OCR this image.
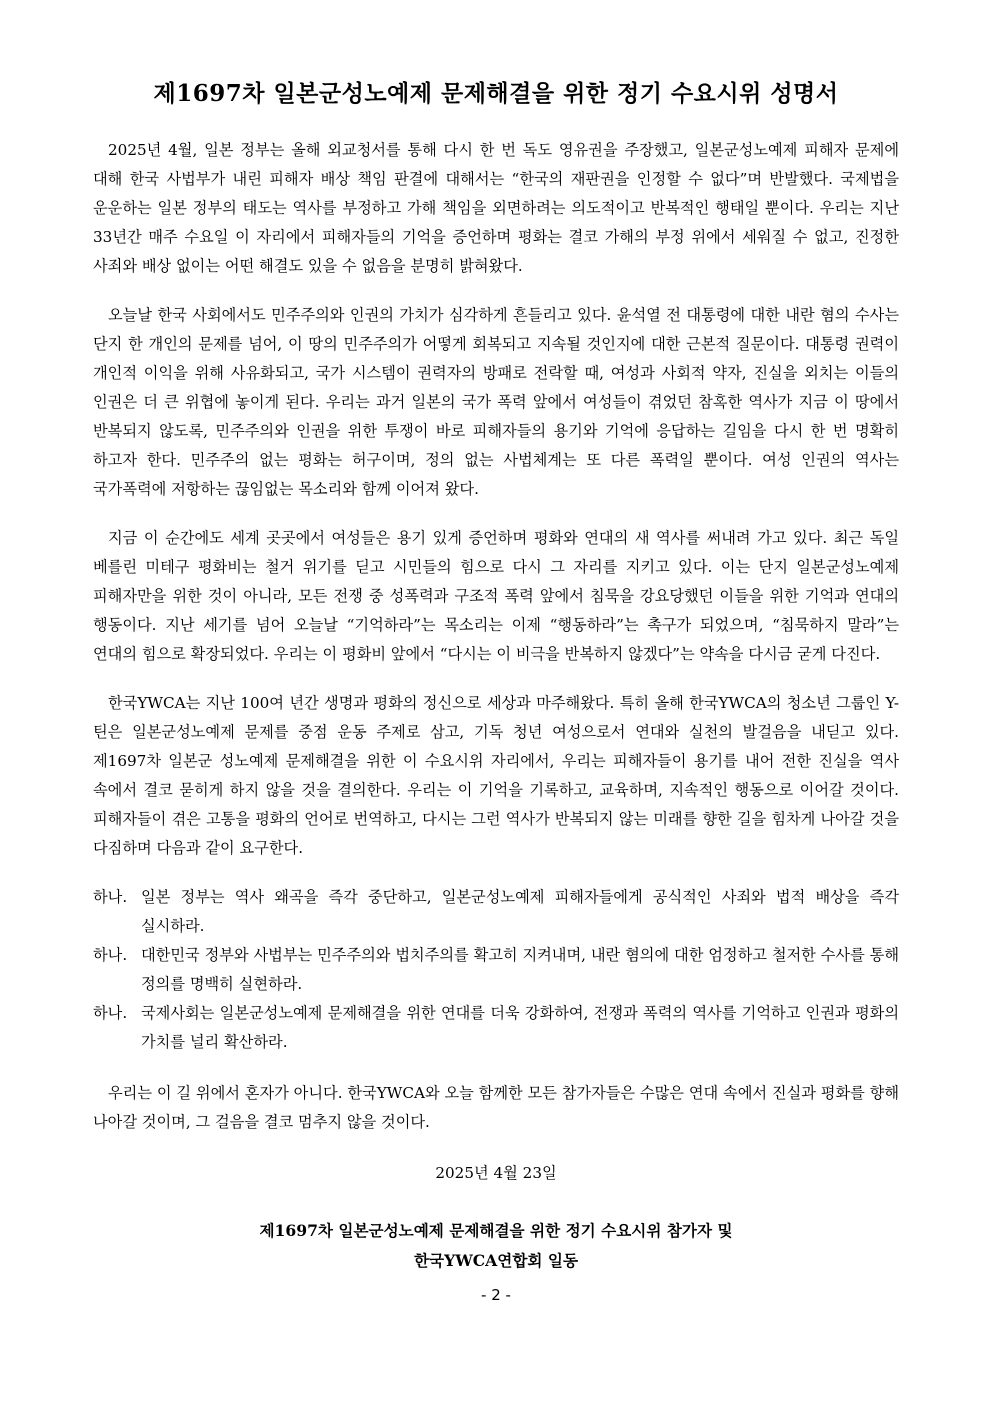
제1697차 일본군성노예제 문제해결을 위한 정기 수요시위 성명서

2025년 4월, 일본 정부는 올해 외교청서를 통해 다시 한 번 독도 영유권을 주장했고, 일본군성노예제 피해자 문제에 대해 한국 사법부가 내린 피해자 배상 책임 판결에 대해서는 “한국의 재판권을 인정할 수 없다”며 반발했다. 국제법을 운운하는 일본 정부의 태도는 역사를 부정하고 가해 책임을 외면하려는 의도적이고 반복적인 행태일 뿐이다. 우리는 지난 33년간 매주 수요일 이 자리에서 피해자들의 기억을 증언하며 평화는 결코 가해의 부정 위에서 세워질 수 없고, 진정한 사죄와 배상 없이는 어떤 해결도 있을 수 없음을 분명히 밝혀왔다.

오늘날 한국 사회에서도 민주주의와 인권의 가치가 심각하게 흔들리고 있다. 윤석열 전 대통령에 대한 내란 혐의 수사는 단지 한 개인의 문제를 넘어, 이 땅의 민주주의가 어떻게 회복되고 지속될 것인지에 대한 근본적 질문이다. 대통령 권력이 개인적 이익을 위해 사유화되고, 국가 시스템이 권력자의 방패로 전락할 때, 여성과 사회적 약자, 진실을 외치는 이들의 인권은 더 큰 위협에 놓이게 된다. 우리는 과거 일본의 국가 폭력 앞에서 여성들이 겪었던 참혹한 역사가 지금 이 땅에서 반복되지 않도록, 민주주의와 인권을 위한 투쟁이 바로 피해자들의 용기와 기억에 응답하는 길임을 다시 한 번 명확히 하고자 한다. 민주주의 없는 평화는 허구이며, 정의 없는 사법체계는 또 다른 폭력일 뿐이다. 여성 인권의 역사는 국가폭력에 저항하는 끊임없는 목소리와 함께 이어져 왔다.

지금 이 순간에도 세계 곳곳에서 여성들은 용기 있게 증언하며 평화와 연대의 새 역사를 써내려 가고 있다. 최근 독일 베를린 미테구 평화비는 철거 위기를 딛고 시민들의 힘으로 다시 그 자리를 지키고 있다. 이는 단지 일본군성노예제 피해자만을 위한 것이 아니라, 모든 전쟁 중 성폭력과 구조적 폭력 앞에서 침묵을 강요당했던 이들을 위한 기억과 연대의 행동이다. 지난 세기를 넘어 오늘날 “기억하라”는 목소리는 이제 “행동하라”는 촉구가 되었으며, “침묵하지 말라”는 연대의 힘으로 확장되었다. 우리는 이 평화비 앞에서 “다시는 이 비극을 반복하지 않겠다”는 약속을 다시금 굳게 다진다.

한국YWCA는 지난 100여 년간 생명과 평화의 정신으로 세상과 마주해왔다. 특히 올해 한국YWCA의 청소년 그룹인 Y-틴은 일본군성노예제 문제를 중점 운동 주제로 삼고, 기독 청년 여성으로서 연대와 실천의 발걸음을 내딛고 있다. 제1697차 일본군 성노예제 문제해결을 위한 이 수요시위 자리에서, 우리는 피해자들이 용기를 내어 전한 진실을 역사 속에서 결코 묻히게 하지 않을 것을 결의한다. 우리는 이 기억을 기록하고, 교육하며, 지속적인 행동으로 이어갈 것이다. 피해자들이 겪은 고통을 평화의 언어로 번역하고, 다시는 그런 역사가 반복되지 않는 미래를 향한 길을 힘차게 나아갈 것을 다짐하며 다음과 같이 요구한다.

하나. 일본 정부는 역사 왜곡을 즉각 중단하고, 일본군성노예제 피해자들에게 공식적인 사죄와 법적 배상을 즉각 실시하라.

하나. 대한민국 정부와 사법부는 민주주의와 법치주의를 확고히 지켜내며, 내란 혐의에 대한 엄정하고 철저한 수사를 통해 정의를 명백히 실현하라.

하나. 국제사회는 일본군성노예제 문제해결을 위한 연대를 더욱 강화하여, 전쟁과 폭력의 역사를 기억하고 인권과 평화의 가치를 널리 확산하라.

우리는 이 길 위에서 혼자가 아니다. 한국YWCA와 오늘 함께한 모든 참가자들은 수많은 연대 속에서 진실과 평화를 향해 나아갈 것이며, 그 걸음을 결코 멈추지 않을 것이다.

2025년 4월 23일
제1697차 일본군성노예제 문제해결을 위한 정기 수요시위 참가자 및
한국YWCA연합회 일동
- 2 -
